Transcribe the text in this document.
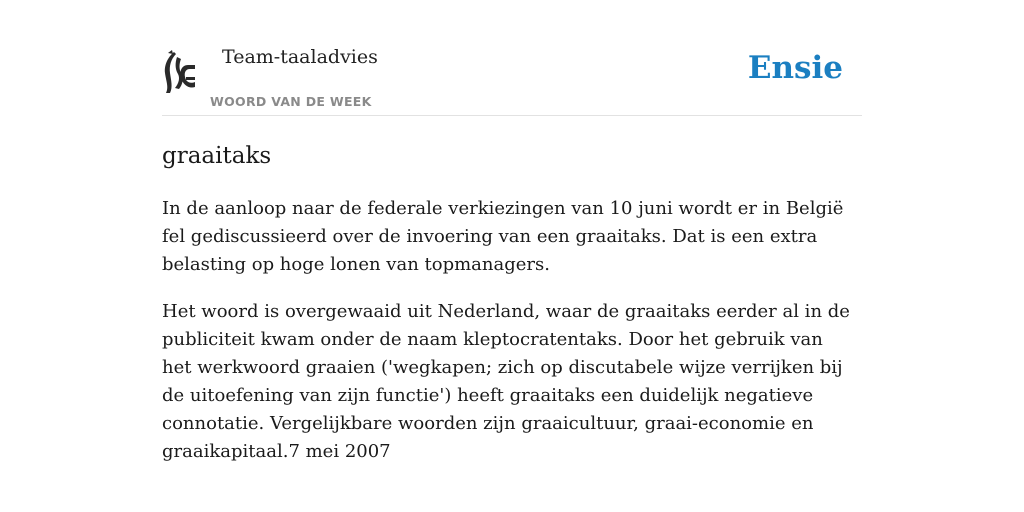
Team-taaladvies
WOORD VAN DE WEEK
Ensie
graaitaks

In de aanloop naar de federale verkiezingen van 10 juni wordt er in België fel gediscussieerd over de invoering van een graaitaks. Dat is een extra belasting op hoge lonen van topmanagers.

Het woord is overgewaaid uit Nederland, waar de graaitaks eerder al in de publiciteit kwam onder de naam kleptocratentaks. Door het gebruik van het werkwoord graaien ('wegkapen; zich op discutabele wijze verrijken bij de uitoefening van zijn functie') heeft graaitaks een duidelijk negatieve connotatie. Vergelijkbare woorden zijn graaicultuur, graai-economie en graaikapitaal.7 mei 2007
